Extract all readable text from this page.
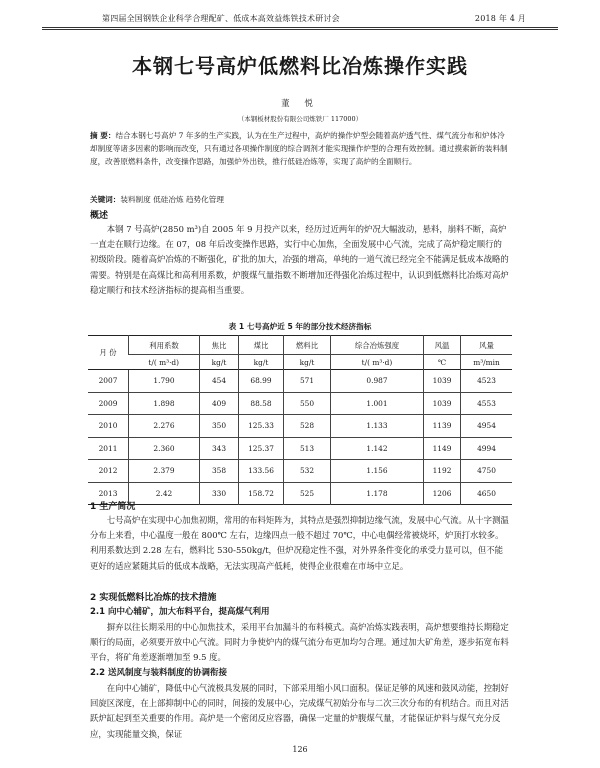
第四届全国钢铁企业科学合理配矿、低成本高效益炼铁技术研讨会	2018 年 4 月
本钢七号高炉低燃料比冶炼操作实践
董 悦
（本钢板材股份有限公司炼铁厂 117000）
摘 要：结合本钢七号高炉 7 年多的生产实践，认为在生产过程中，高炉的操作炉型会随着高炉透气性、煤气流分布和炉体冷却制度等诸多因素的影响而改变，只有通过各项操作制度的综合调剂才能实现操作炉型的合理有效控制。通过摸索新的装料制度，改善原燃料条件，改变操作思路，加强炉外出铁，推行低硅冶炼等，实现了高炉的全面顺行。
关键词：装料制度 低硅冶炼 趋势化管理
概述
本钢 7 号高炉(2850 m³)自 2005 年 9 月投产以来，经历过近两年的炉况大幅波动，悬料，崩料不断，高炉一直走在顺行边缘。在 07，08 年后改变操作思路，实行中心加焦，全面发展中心气流，完成了高炉稳定顺行的初级阶段。随着高炉冶炼的不断强化，矿批的加大，冶强的增高，单纯的一道气流已经完全不能满足低成本战略的需要。特别是在高煤比和高利用系数，炉腹煤气量指数不断增加还得强化冶炼过程中，认识到低燃料比冶炼对高炉稳定顺行和技术经济指标的提高相当重要。
表 1 七号高炉近 5 年的部分技术经济指标
月 份	利用系数	焦比	煤比	燃料比	综合冶炼强度	风温	风量
	t/( m³·d)	kg/t	kg/t	kg/t	t/( m³·d)	℃	m³/min
2007	1.790	454	68.99	571	0.987	1039	4523
2009	1.898	409	88.58	550	1.001	1039	4553
2010	2.276	350	125.33	528	1.133	1139	4954
2011	2.360	343	125.37	513	1.142	1149	4994
2012	2.379	358	133.56	532	1.156	1192	4750
2013	2.42	330	158.72	525	1.178	1206	4650
1 生产简况
七号高炉在实现中心加焦初期，常用的布料矩阵为，其特点是强烈抑制边缘气流，发展中心气流。从十字测温分布上来看，中心温度一般在 800℃ 左右，边缘四点一般不超过 70℃，中心电偶经常被烧坏，炉顶打水较多。利用系数达到 2.28 左右，燃料比 530-550kg/t，但炉况稳定性不强，对外界条件变化的承受力显可以，但不能更好的适应紧随其后的低成本战略，无法实现高产低耗，使得企业很难在市场中立足。
2 实现低燃料比冶炼的技术措施
2.1 向中心辅矿，加大布料平台，提高煤气利用
摒弃以往长期采用的中心加焦技术，采用平台加漏斗的布料模式。高炉冶炼实践表明，高炉想要维持长期稳定顺行的局面，必须要开放中心气流。同时力争使炉内的煤气流分布更加均匀合理。通过加大矿角差，逐步拓宽布料平台，将矿角差逐渐增加至 9.5 度。
2.2 送风制度与装料制度的协调衔接
在向中心铺矿，降低中心气流极具发展的同时，下部采用缩小风口面积。保证足够的风速和鼓风动能，控制好回旋区深度，在上部抑制中心的同时，间接的发展中心，完成煤气初始分布与二次三次分布的有机结合。而且对活跃炉缸起到至关重要的作用。高炉是一个密闭反应容器，确保一定量的炉腹煤气量，才能保证炉料与煤气充分反应，实现能量交换，保证
126
